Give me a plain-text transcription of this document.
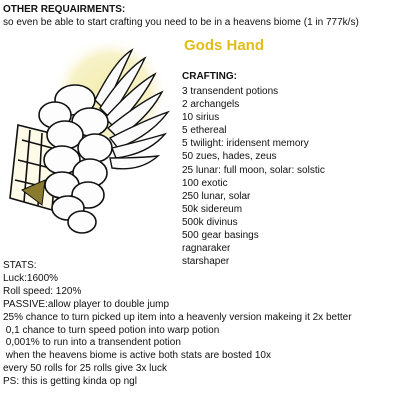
OTHER REQUAIRMENTS:
so even be able to start crafting you need to be in a heavens biome (1 in 777k/s)
Gods Hand
CRAFTING:
3 transendent potions
2 archangels
10 sirius
5 ethereal
5 twilight: iridensent memory
50 zues, hades, zeus
25 lunar: full moon, solar: solstic
100 exotic
250 lunar, solar
50k sidereum
500k divinus
500 gear basings
ragnaraker
starshaper
STATS:
Luck:1600%
Roll speed: 120%
PASSIVE:allow player to double jump
25% chance to turn picked up item into a heavenly version makeing it 2x better
0,1 chance to turn speed potion into warp potion
0,001% to run into a transendent potion
when the heavens biome is active both stats are bosted 10x
every 50 rolls for 25 rolls give 3x luck
PS: this is getting kinda op ngl
